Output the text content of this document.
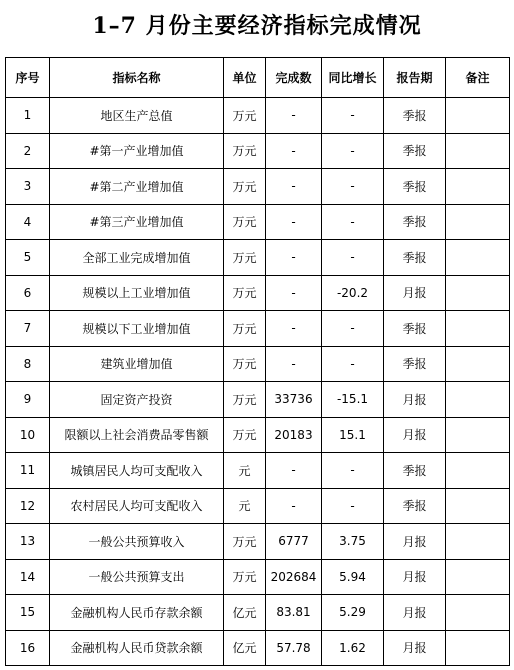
1–7 月份主要经济指标完成情况
序号	指标名称	单位	完成数	同比增长	报告期	备注
1	地区生产总值	万元	-	-	季报	
2	#第一产业增加值	万元	-	-	季报	
3	#第二产业增加值	万元	-	-	季报	
4	#第三产业增加值	万元	-	-	季报	
5	全部工业完成增加值	万元	-	-	季报	
6	规模以上工业增加值	万元	-	-20.2	月报	
7	规模以下工业增加值	万元	-	-	季报	
8	建筑业增加值	万元	-	-	季报	
9	固定资产投资	万元	33736	-15.1	月报	
10	限额以上社会消费品零售额	万元	20183	15.1	月报	
11	城镇居民人均可支配收入	元	-	-	季报	
12	农村居民人均可支配收入	元	-	-	季报	
13	一般公共预算收入	万元	6777	3.75	月报	
14	一般公共预算支出	万元	202684	5.94	月报	
15	金融机构人民币存款余额	亿元	83.81	5.29	月报	
16	金融机构人民币贷款余额	亿元	57.78	1.62	月报	
